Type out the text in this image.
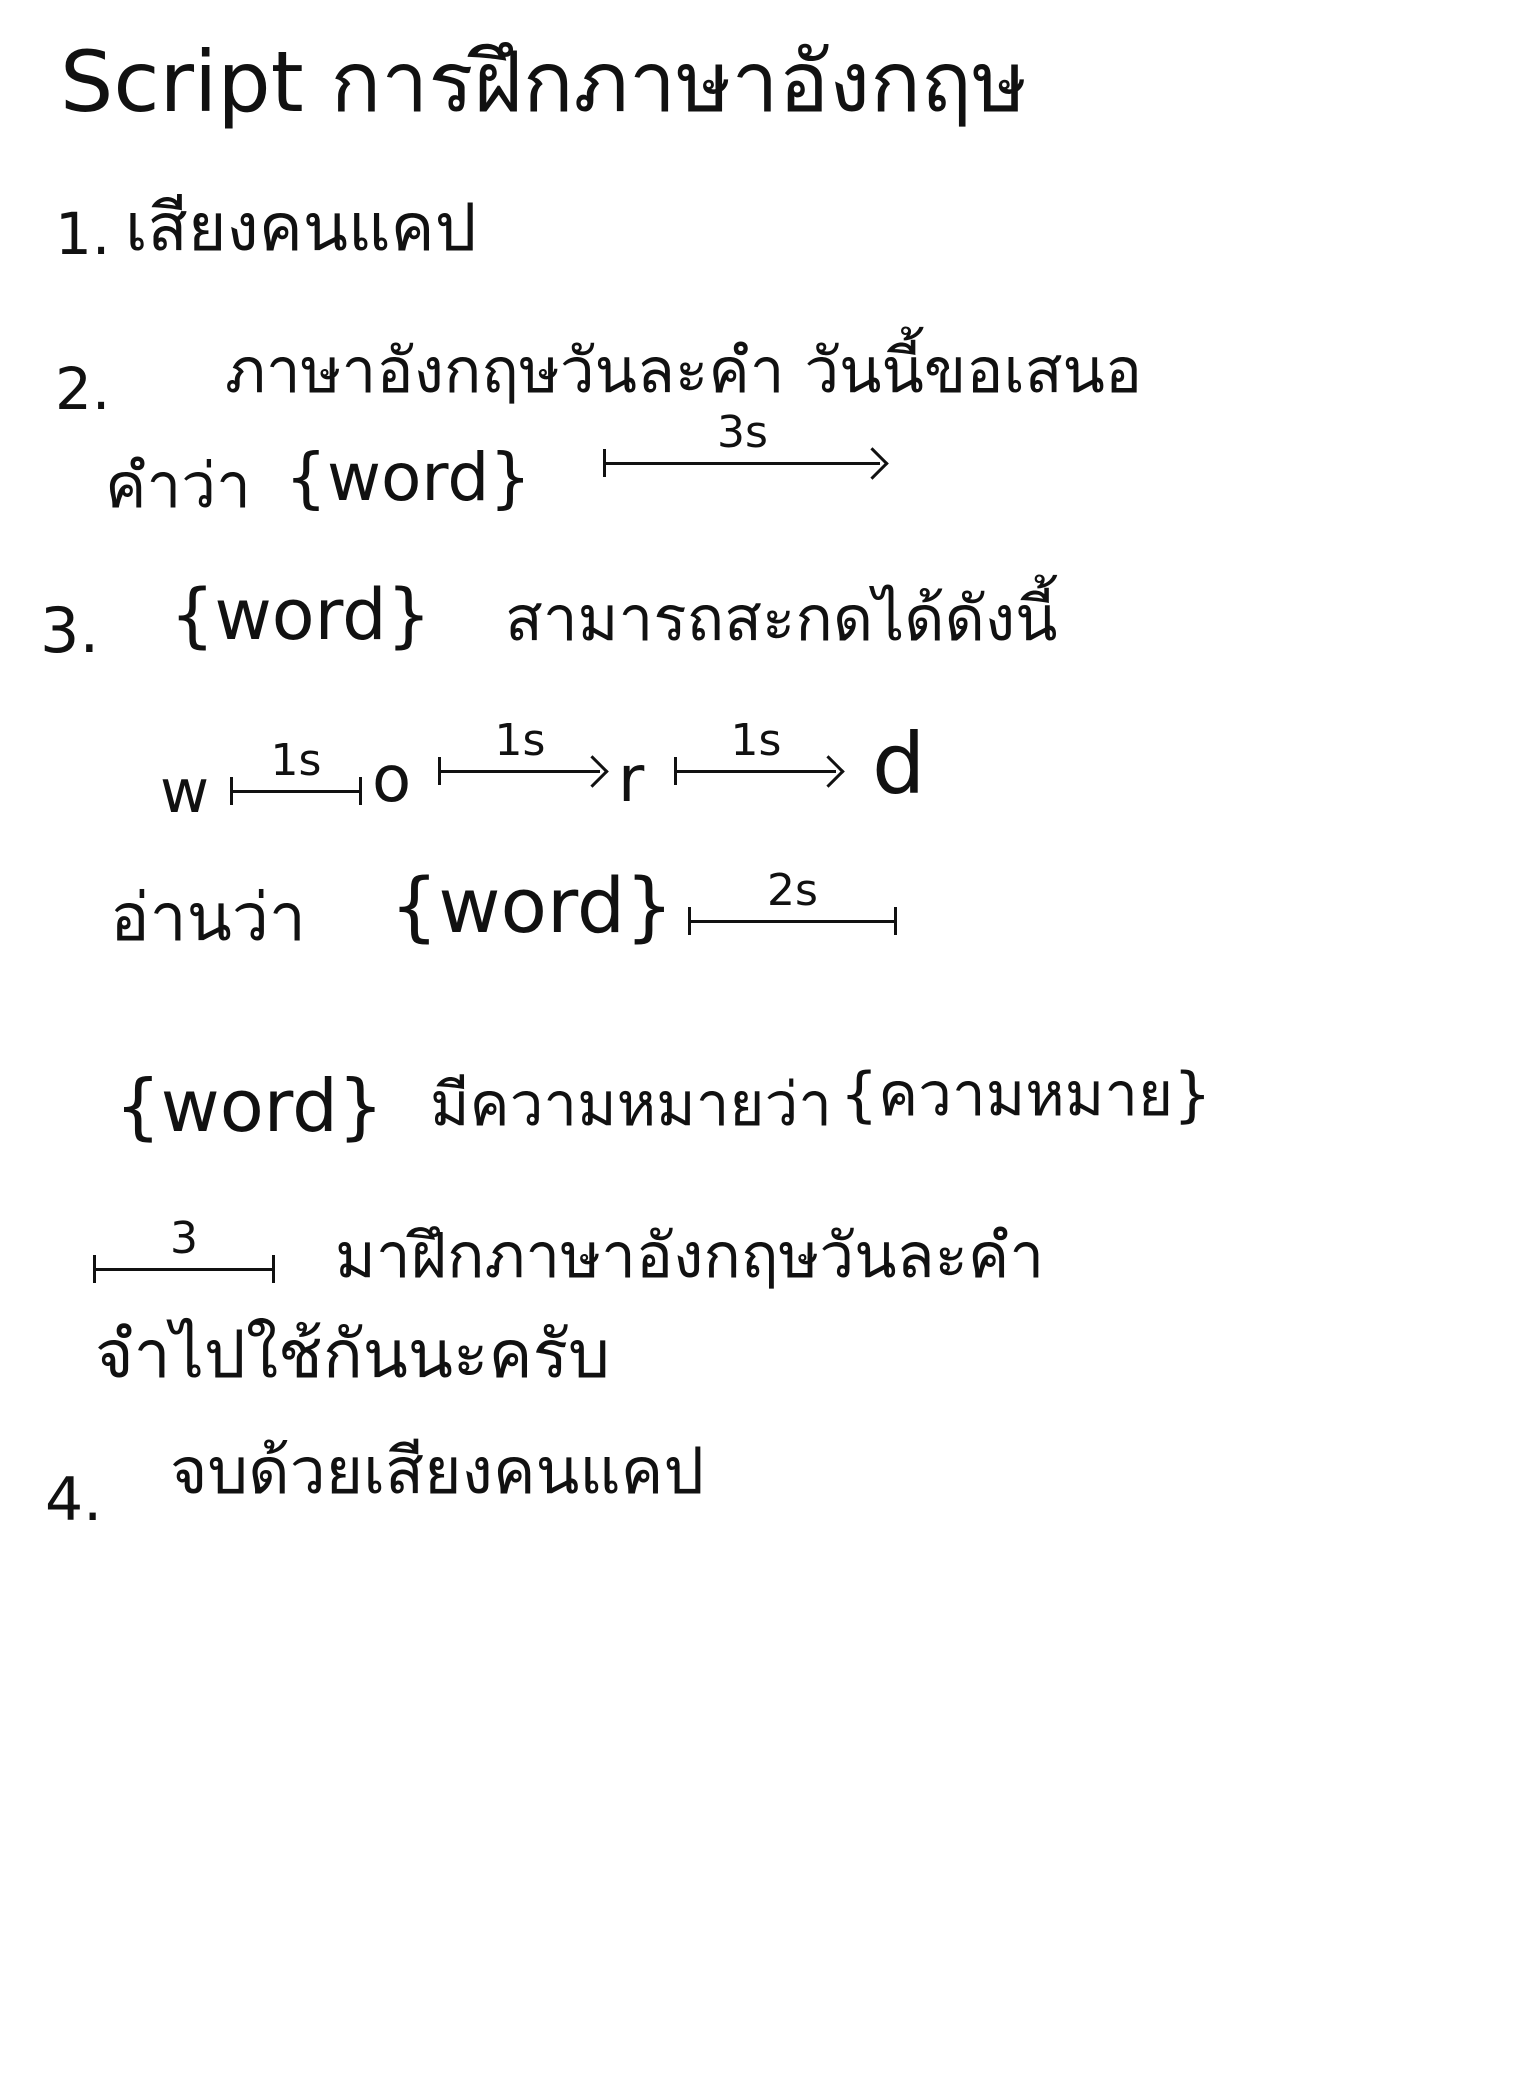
Script การฝึกภาษาอังกฤษ
1. เสียงคนแคป
2. ภาษาอังกฤษวันละคำ วันนี้ขอเสนอ
คำว่า {word}
3s
3. {word} สามารถสะกดได้ดังนี้
w	1s o
1s
r
1s	d
อ่านว่า {word}	2s
{word} มีความหมายว่า {ความหมาย}
3	มาฝึกภาษาอังกฤษวันละคำ
จำไปใช้กันนะครับ
4. จบด้วยเสียงคนแคป
